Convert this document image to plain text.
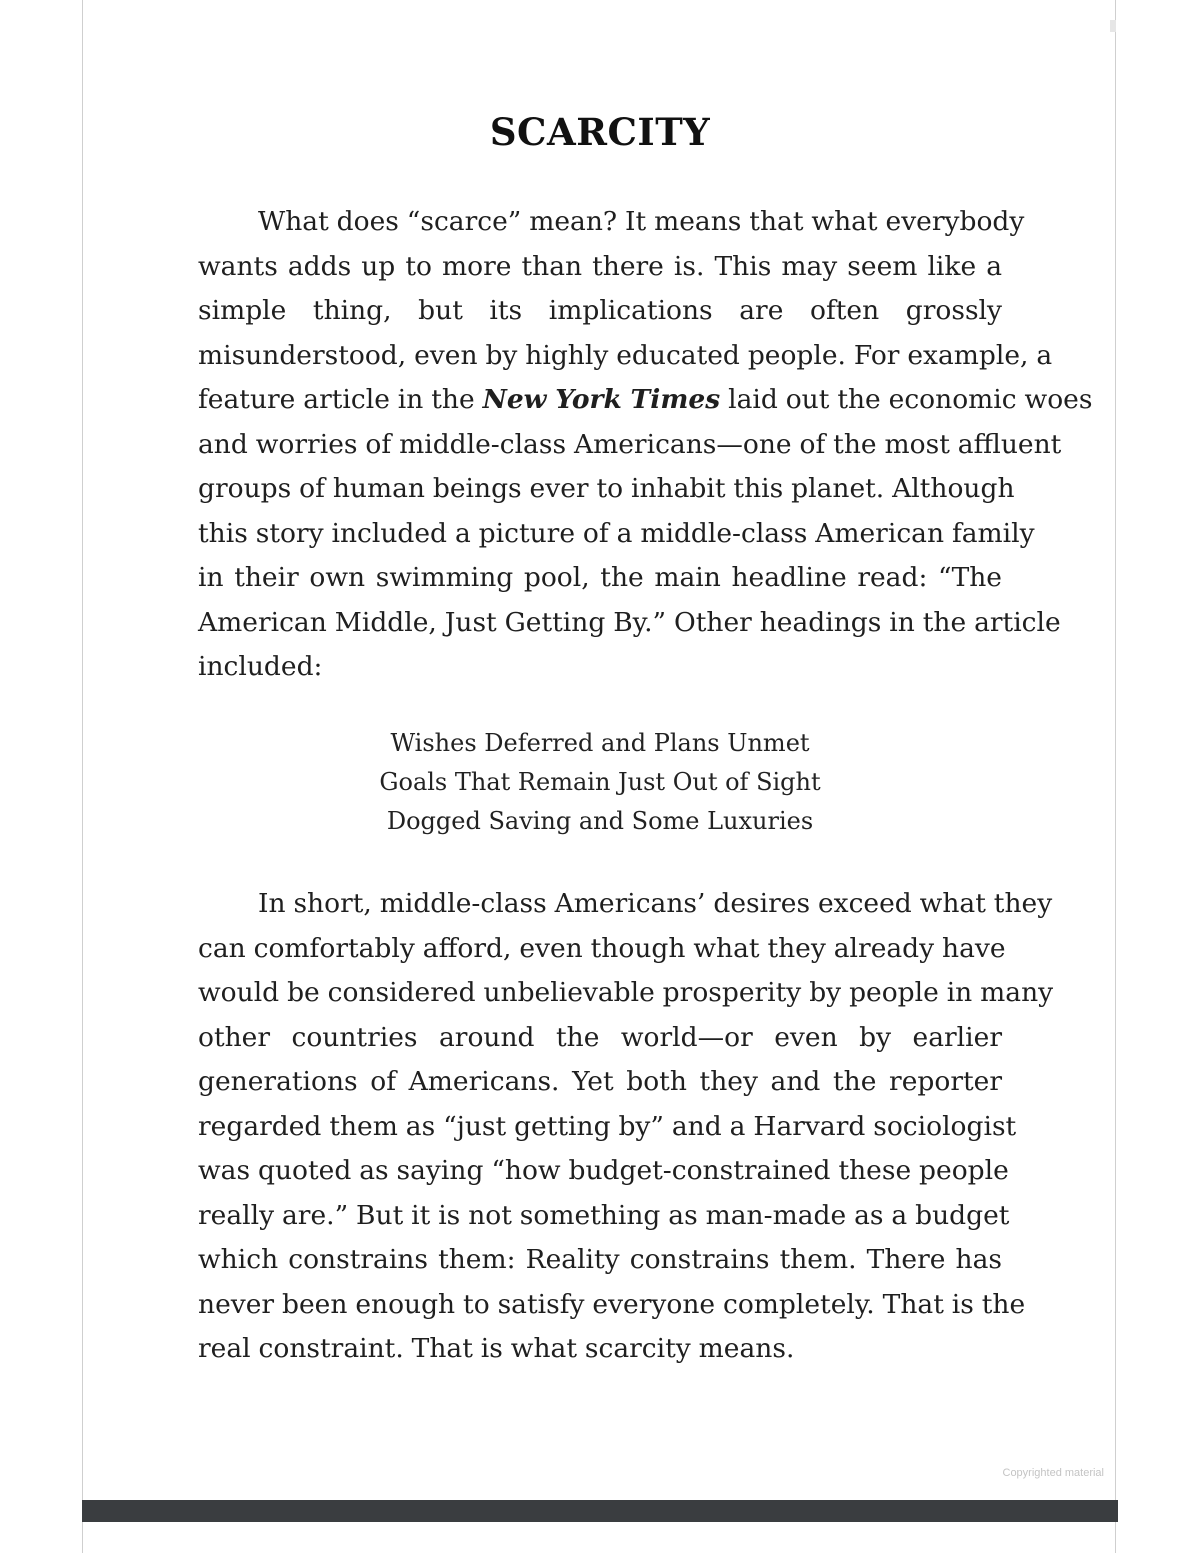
SCARCITY
What does “scarce” mean? It means that what everybody
wants adds up to more than there is. This may seem like a
simple thing, but its implications are often grossly
misunderstood, even by highly educated people. For example, a
feature article in the New York Times laid out the economic woes
and worries of middle-class Americans—one of the most affluent
groups of human beings ever to inhabit this planet. Although
this story included a picture of a middle-class American family
in their own swimming pool, the main headline read: “The
American Middle, Just Getting By.” Other headings in the article
included:
Wishes Deferred and Plans Unmet
Goals That Remain Just Out of Sight
Dogged Saving and Some Luxuries
In short, middle-class Americans’ desires exceed what they
can comfortably afford, even though what they already have
would be considered unbelievable prosperity by people in many
other countries around the world—or even by earlier
generations of Americans. Yet both they and the reporter
regarded them as “just getting by” and a Harvard sociologist
was quoted as saying “how budget-constrained these people
really are.” But it is not something as man-made as a budget
which constrains them: Reality constrains them. There has
never been enough to satisfy everyone completely. That is the
real constraint. That is what scarcity means.
Copyrighted material
